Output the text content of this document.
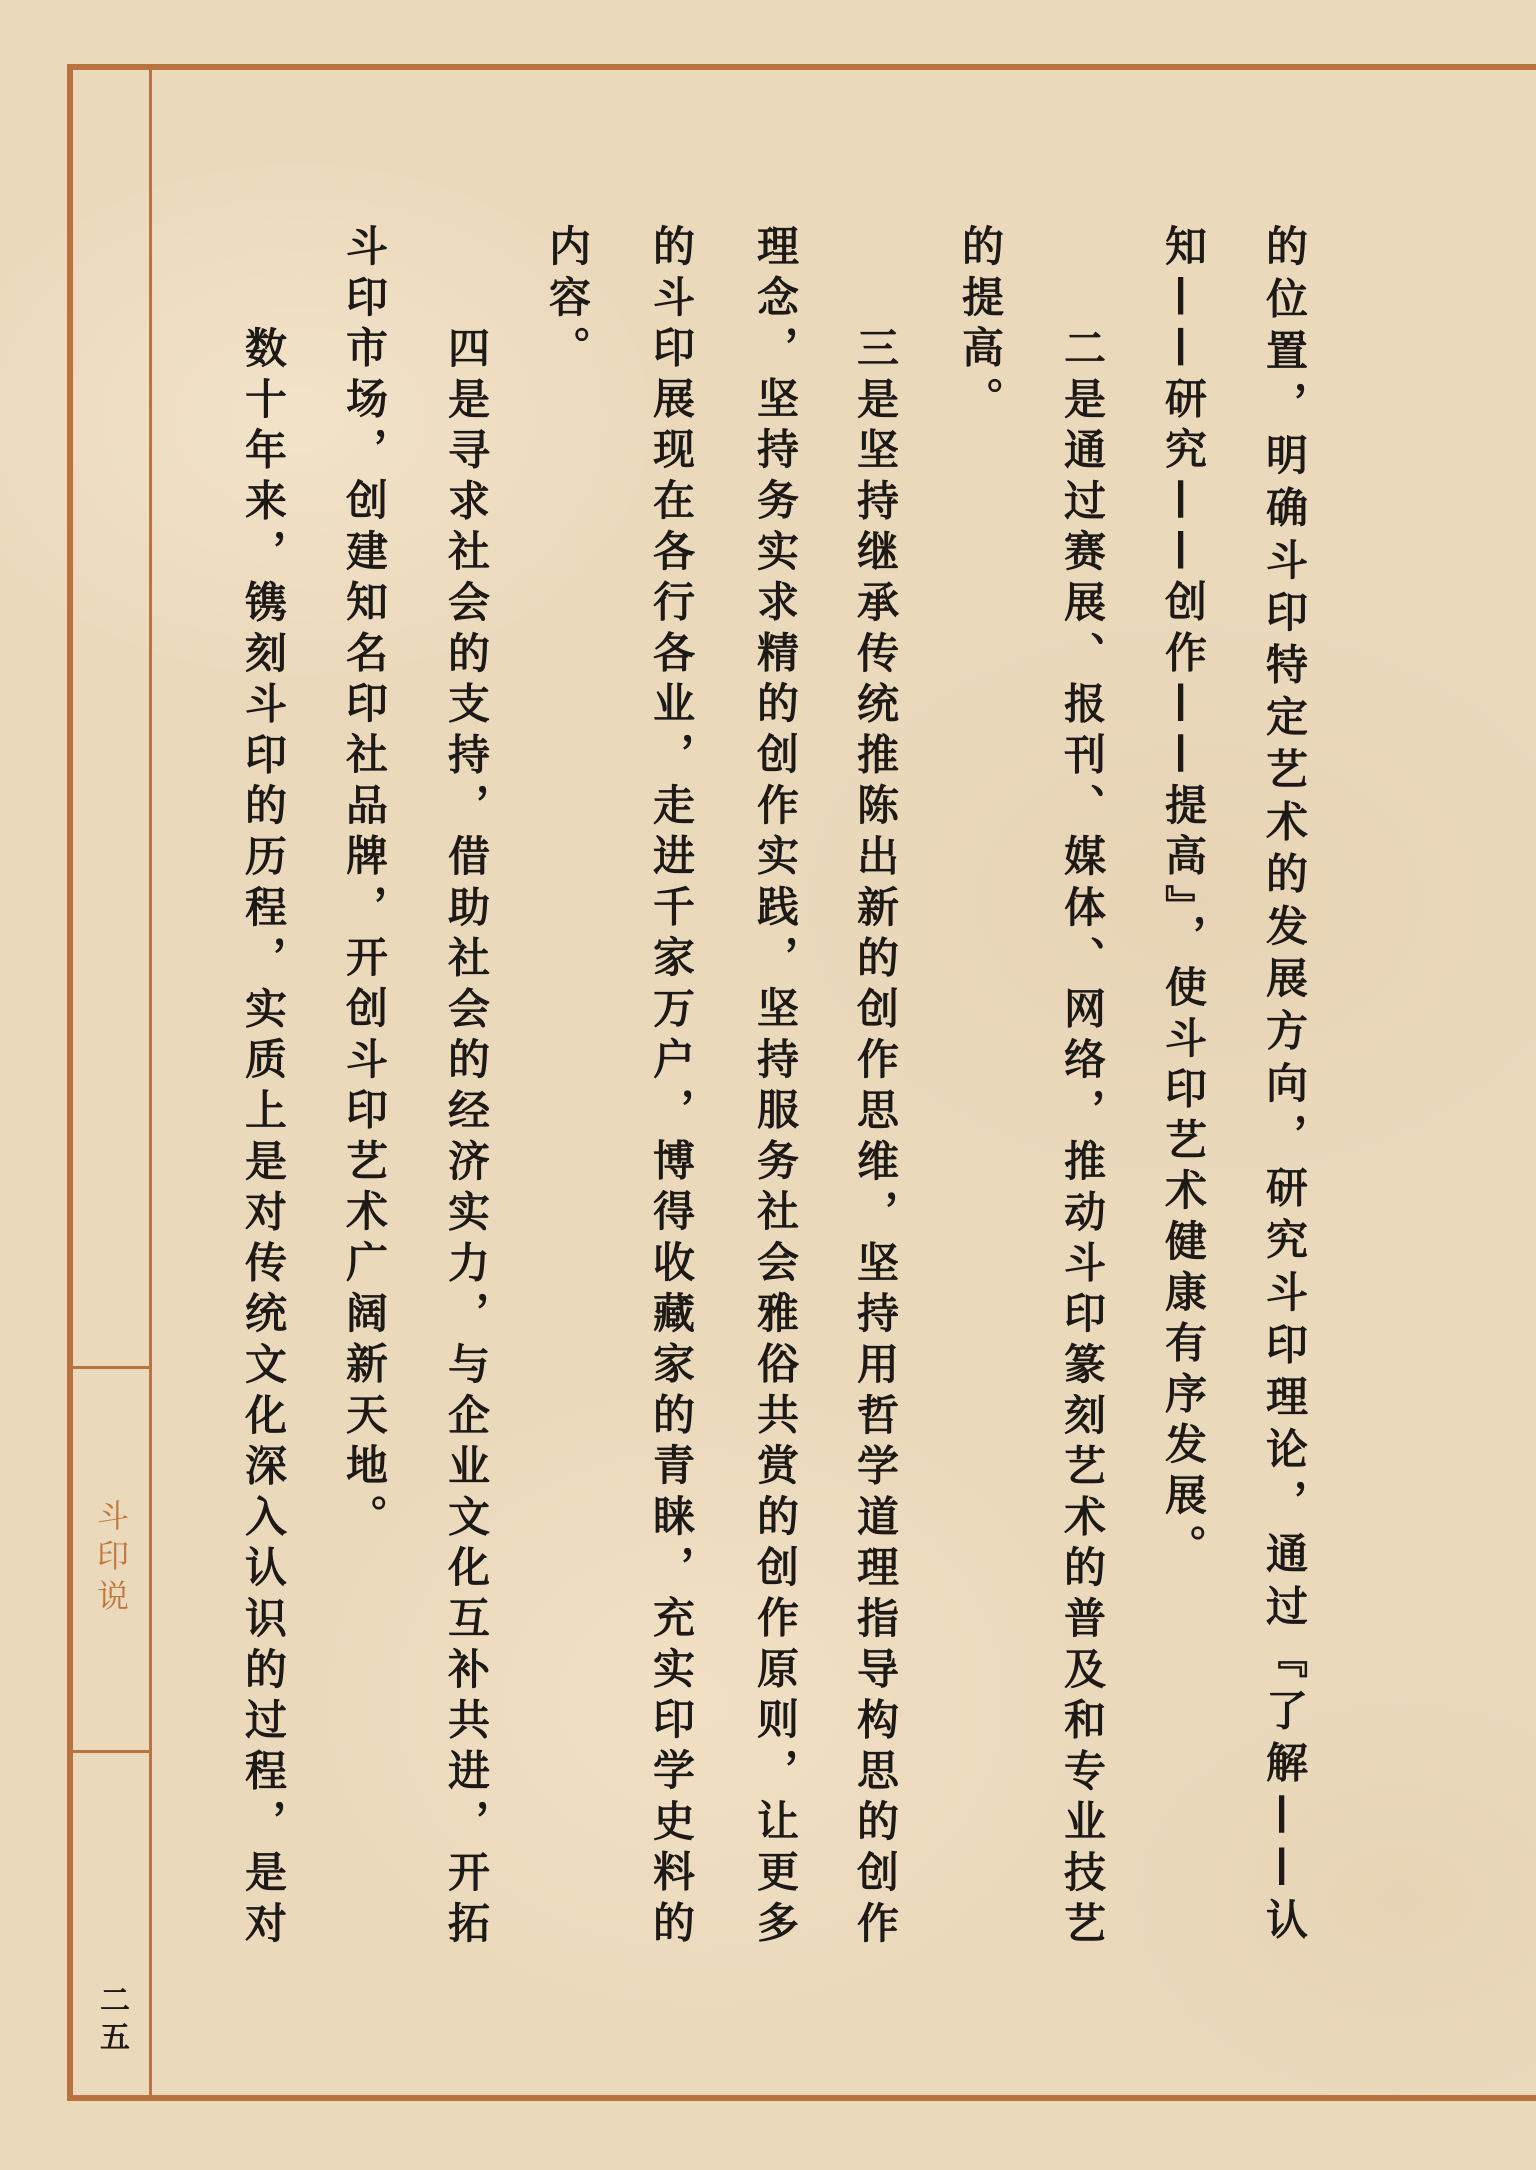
斗印说
二五
的位置，明确斗印特定艺术的发展方向，研究斗印理论，通过『了解——认
知——研究——创作——提高』，使斗印艺术健康有序发展。
二是通过赛展、报刊、媒体、网络，推动斗印篆刻艺术的普及和专业技艺
的提高。
三是坚持继承传统推陈出新的创作思维，坚持用哲学道理指导构思的创作
理念，坚持务实求精的创作实践，坚持服务社会雅俗共赏的创作原则，让更多
的斗印展现在各行各业，走进千家万户，博得收藏家的青睐，充实印学史料的
内容。
四是寻求社会的支持，借助社会的经济实力，与企业文化互补共进，开拓
斗印市场，创建知名印社品牌，开创斗印艺术广阔新天地。
数十年来，镌刻斗印的历程，实质上是对传统文化深入认识的过程，是对
